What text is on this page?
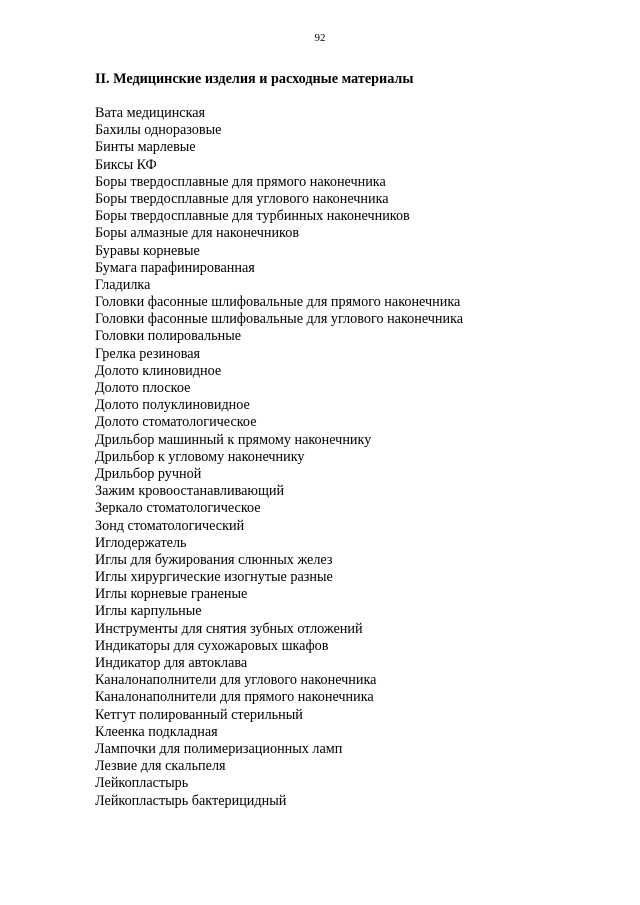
92
II. Медицинские изделия и расходные материалы
Вата медицинская
Бахилы одноразовые
Бинты марлевые
Биксы КФ
Боры твердосплавные для прямого наконечника
Боры твердосплавные для углового наконечника
Боры твердосплавные для турбинных наконечников
Боры алмазные для наконечников
Буравы корневые
Бумага парафинированная
Гладилка
Головки фасонные шлифовальные для прямого наконечника
Головки фасонные шлифовальные для углового наконечника
Головки полировальные
Грелка резиновая
Долото клиновидное
Долото плоское
Долото полуклиновидное
Долото стоматологическое
Дрильбор машинный к прямому наконечнику
Дрильбор к угловому наконечнику
Дрильбор ручной
Зажим кровоостанавливающий
Зеркало стоматологическое
Зонд стоматологический
Иглодержатель
Иглы для бужирования слюнных желез
Иглы хирургические изогнутые разные
Иглы корневые граненые
Иглы карпульные
Инструменты для снятия зубных отложений
Индикаторы для сухожаровых шкафов
Индикатор для автоклава
Каналонаполнители для углового наконечника
Каналонаполнители для прямого наконечника
Кетгут полированный стерильный
Клеенка подкладная
Лампочки для полимеризационных ламп
Лезвие для скальпеля
Лейкопластырь
Лейкопластырь бактерицидный
